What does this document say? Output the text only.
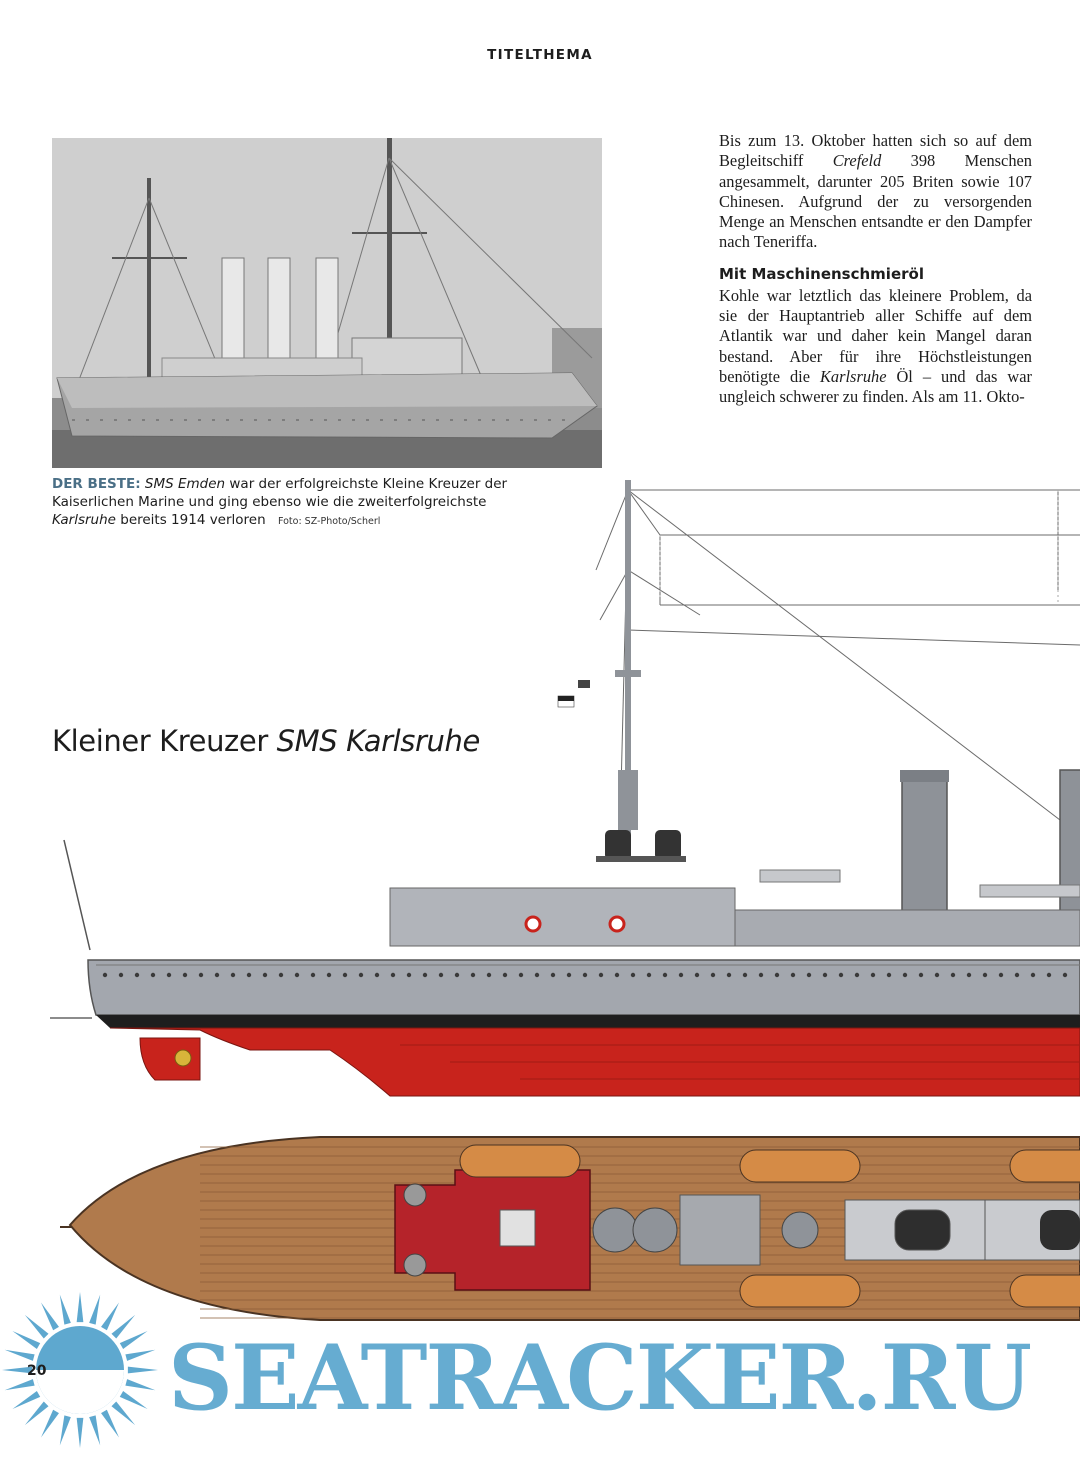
TITELTHEMA
DER BESTE: SMS Emden war der erfolgreichste Kleine Kreuzer der Kaiserlichen Marine und ging ebenso wie die zweiterfolgreichste Karlsruhe bereits 1914 verloren Foto: SZ-Photo/Scherl

Bis zum 13. Oktober hatten sich so auf dem Begleitschiff Crefeld 398 Menschen angesammelt, darunter 205 Briten sowie 107 Chinesen. Aufgrund der zu versorgenden Menge an Menschen entsandte er den Dampfer nach Teneriffa.

Mit Maschinenschmieröl

Kohle war letztlich das kleinere Problem, da sie der Hauptantrieb aller Schiffe auf dem Atlantik war und daher kein Mangel daran bestand. Aber für ihre Höchstleistungen benötigte die Karlsruhe Öl – und das war ungleich schwerer zu finden. Als am 11. Okto-

Kleiner Kreuzer SMS Karlsruhe
SEATRACKER.RU
20
